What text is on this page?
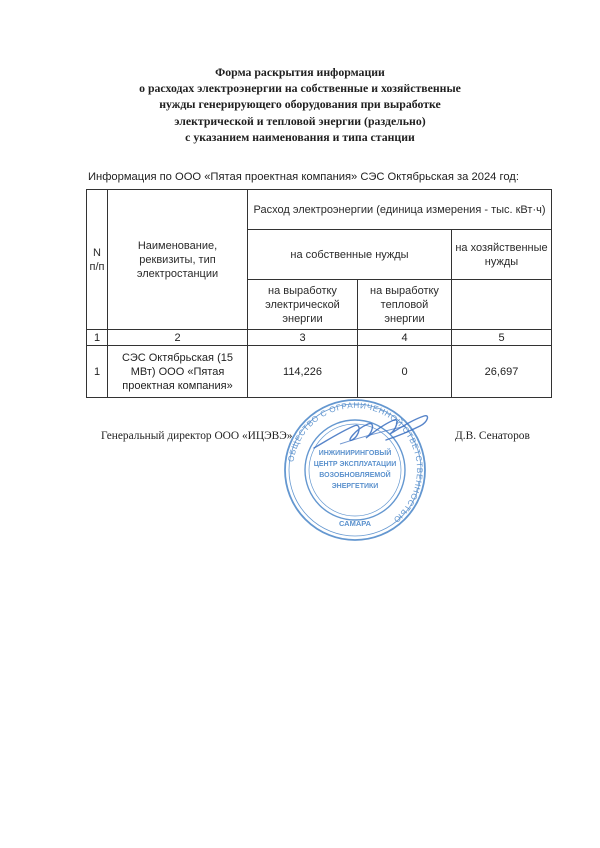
Форма раскрытия информации
о расходах электроэнергии на собственные и хозяйственные
нужды генерирующего оборудования при выработке
электрической и тепловой энергии (раздельно)
с указанием наименования и типа станции
Информация по ООО «Пятая проектная компания» СЭС Октябрьская за 2024 год:
N п/п	Наименование, реквизиты, тип электростанции	Расход электроэнергии (единица измерения - тыс. кВт·ч)		
		на собственные нужды		на хозяйственные нужды
		на выработку электрической энергии	на выработку тепловой энергии	
1	2	3	4	5
1	СЭС Октябрьская (15 МВт) ООО «Пятая проектная компания»	114,226	0	26,697
Генеральный директор ООО «ИЦЭВЭ»	Д.В. Сенаторов
ОБЩЕСТВО С ОГРАНИЧЕННОЙ ОТВЕТСТВЕННОСТЬЮ
ИНЖИНИРИНГОВЫЙ
ЦЕНТР ЭКСПЛУАТАЦИИ
ВОЗОБНОВЛЯЕМОЙ
ЭНЕРГЕТИКИ
САМАРА
